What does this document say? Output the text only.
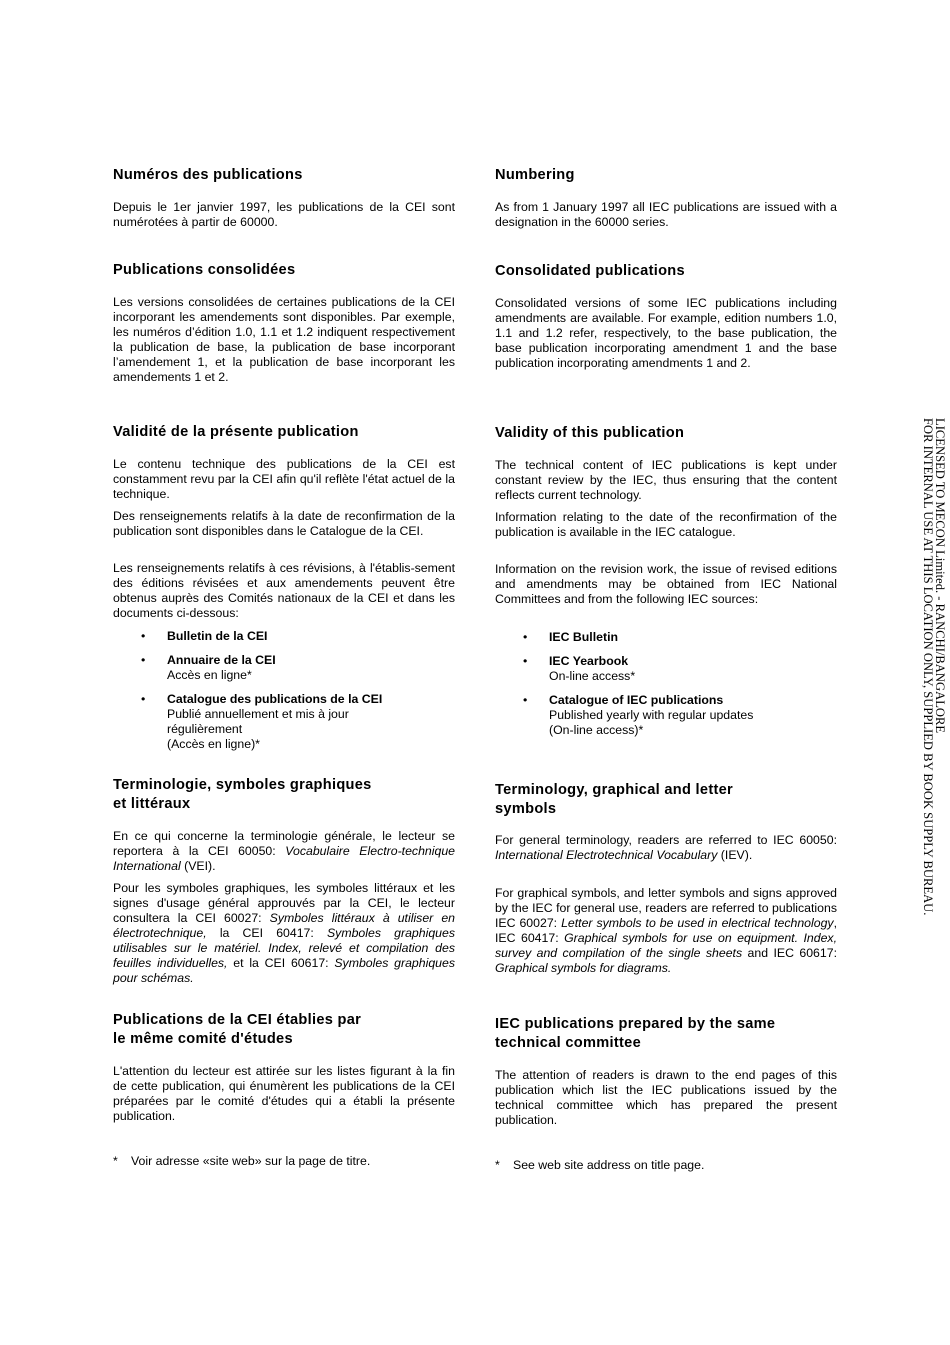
Numéros des publications

Depuis le 1er janvier 1997, les publications de la CEI sont numérotées à partir de 60000.

Publications consolidées

Les versions consolidées de certaines publications de la CEI incorporant les amendements sont disponibles. Par exemple, les numéros d’édition 1.0, 1.1 et 1.2 indiquent respectivement la publication de base, la publication de base incorporant l’amendement 1, et la publication de base incorporant les amendements 1 et 2.

Validité de la présente publication

Le contenu technique des publications de la CEI est constamment revu par la CEI afin qu'il reflète l'état actuel de la technique.

Des renseignements relatifs à la date de reconfirmation de la publication sont disponibles dans le Catalogue de la CEI.

Les renseignements relatifs à ces révisions, à l'établis-sement des éditions révisées et aux amendements peuvent être obtenus auprès des Comités nationaux de la CEI et dans les documents ci-dessous:

• Bulletin de la CEI
• Annuaire de la CEI
Accès en ligne*
• Catalogue des publications de la CEI
Publié annuellement et mis à jour
régulièrement
(Accès en ligne)*
Terminologie, symboles graphiques
et littéraux

En ce qui concerne la terminologie générale, le lecteur se reportera à la CEI 60050: Vocabulaire Electro-technique International (VEI).

Pour les symboles graphiques, les symboles littéraux et les signes d'usage général approuvés par la CEI, le lecteur consultera la CEI 60027: Symboles littéraux à utiliser en électrotechnique, la CEI 60417: Symboles graphiques utilisables sur le matériel. Index, relevé et compilation des feuilles individuelles, et la CEI 60617: Symboles graphiques pour schémas.

Publications de la CEI établies par
le même comité d'études

L'attention du lecteur est attirée sur les listes figurant à la fin de cette publication, qui énumèrent les publications de la CEI préparées par le comité d'études qui a établi la présente publication.

* Voir adresse «site web» sur la page de titre.
Numbering

As from 1 January 1997 all IEC publications are issued with a designation in the 60000 series.

Consolidated publications

Consolidated versions of some IEC publications including amendments are available. For example, edition numbers 1.0, 1.1 and 1.2 refer, respectively, to the base publication, the base publication incorporating amendment 1 and the base publication incorporating amendments 1 and 2.

Validity of this publication

The technical content of IEC publications is kept under constant review by the IEC, thus ensuring that the content reflects current technology.

Information relating to the date of the reconfirmation of the publication is available in the IEC catalogue.

Information on the revision work, the issue of revised editions and amendments may be obtained from IEC National Committees and from the following IEC sources:

• IEC Bulletin
• IEC Yearbook
On-line access*
• Catalogue of IEC publications
Published yearly with regular updates
(On-line access)*
Terminology, graphical and letter
symbols

For general terminology, readers are referred to IEC 60050: International Electrotechnical Vocabulary (IEV).

For graphical symbols, and letter symbols and signs approved by the IEC for general use, readers are referred to publications IEC 60027: Letter symbols to be used in electrical technology, IEC 60417: Graphical symbols for use on equipment. Index, survey and compilation of the single sheets and IEC 60617: Graphical symbols for diagrams.

IEC publications prepared by the same
technical committee

The attention of readers is drawn to the end pages of this publication which list the IEC publications issued by the technical committee which has prepared the present publication.

* See web site address on title page.
LICENSED TO MECON Limited. - RANCHI/BANGALORE
FOR INTERNAL USE AT THIS LOCATION ONLY, SUPPLIED BY BOOK SUPPLY BUREAU.
